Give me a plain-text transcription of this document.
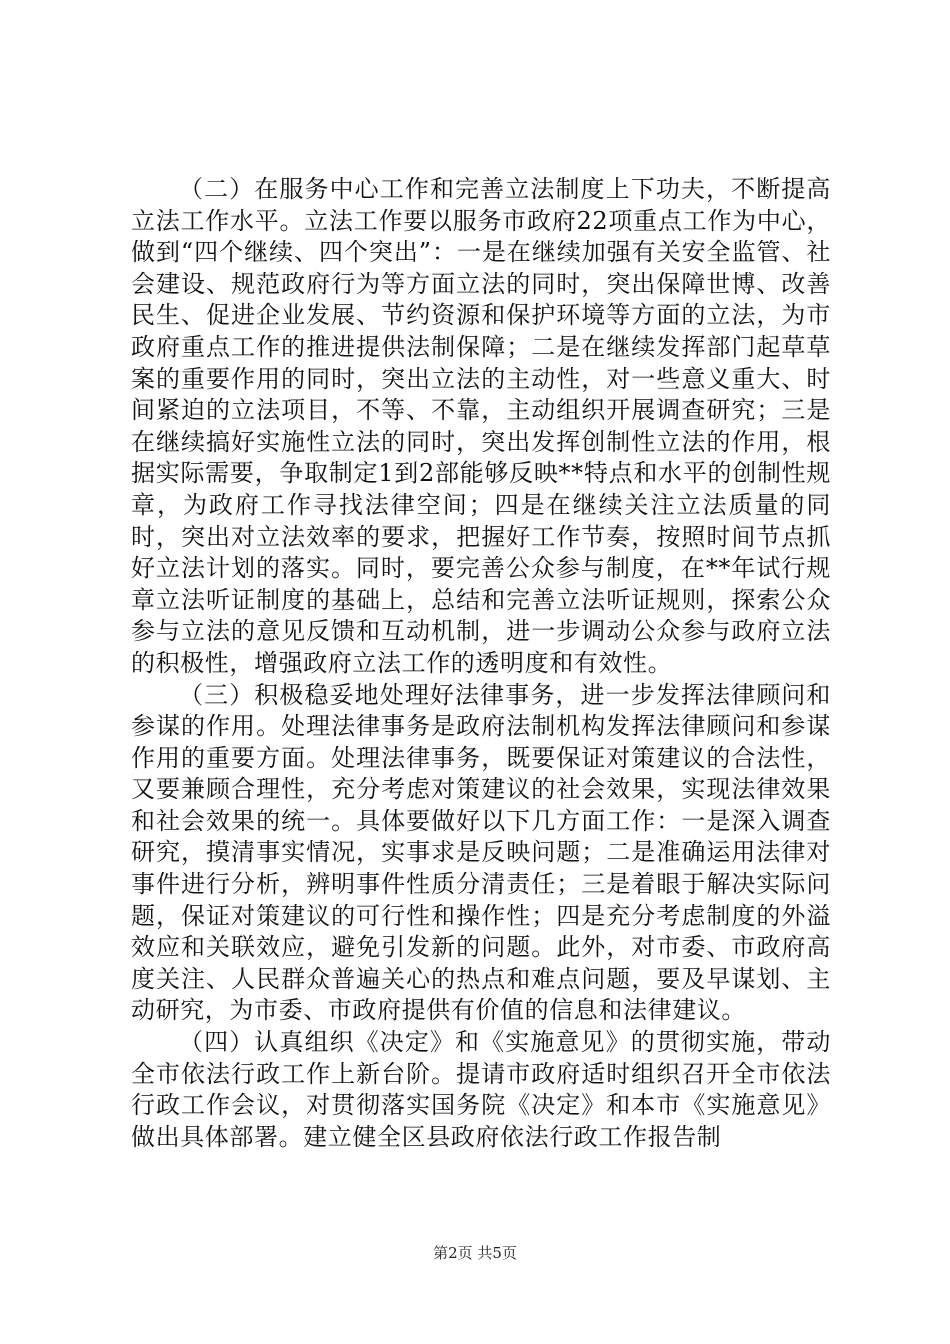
（二）在服务中心工作和完善立法制度上下功夫，不断提高立法工作水平。立法工作要以服务市政府22项重点工作为中心，做到“四个继续、四个突出”：一是在继续加强有关安全监管、社会建设、规范政府行为等方面立法的同时，突出保障世博、改善民生、促进企业发展、节约资源和保护环境等方面的立法，为市政府重点工作的推进提供法制保障；二是在继续发挥部门起草草案的重要作用的同时，突出立法的主动性，对一些意义重大、时间紧迫的立法项目，不等、不靠，主动组织开展调查研究；三是在继续搞好实施性立法的同时，突出发挥创制性立法的作用，根据实际需要，争取制定1到2部能够反映**特点和水平的创制性规章，为政府工作寻找法律空间；四是在继续关注立法质量的同时，突出对立法效率的要求，把握好工作节奏，按照时间节点抓好立法计划的落实。同时，要完善公众参与制度，在**年试行规章立法听证制度的基础上，总结和完善立法听证规则，探索公众参与立法的意见反馈和互动机制，进一步调动公众参与政府立法的积极性，增强政府立法工作的透明度和有效性。

（三）积极稳妥地处理好法律事务，进一步发挥法律顾问和参谋的作用。处理法律事务是政府法制机构发挥法律顾问和参谋作用的重要方面。处理法律事务，既要保证对策建议的合法性，又要兼顾合理性，充分考虑对策建议的社会效果，实现法律效果和社会效果的统一。具体要做好以下几方面工作：一是深入调查研究，摸清事实情况，实事求是反映问题；二是准确运用法律对事件进行分析，辨明事件性质分清责任；三是着眼于解决实际问题，保证对策建议的可行性和操作性；四是充分考虑制度的外溢效应和关联效应，避免引发新的问题。此外，对市委、市政府高度关注、人民群众普遍关心的热点和难点问题，要及早谋划、主动研究，为市委、市政府提供有价值的信息和法律建议。

（四）认真组织《决定》和《实施意见》的贯彻实施，带动全市依法行政工作上新台阶。提请市政府适时组织召开全市依法行政工作会议，对贯彻落实国务院《决定》和本市《实施意见》做出具体部署。建立健全区县政府依法行政工作报告制

第2页 共5页
